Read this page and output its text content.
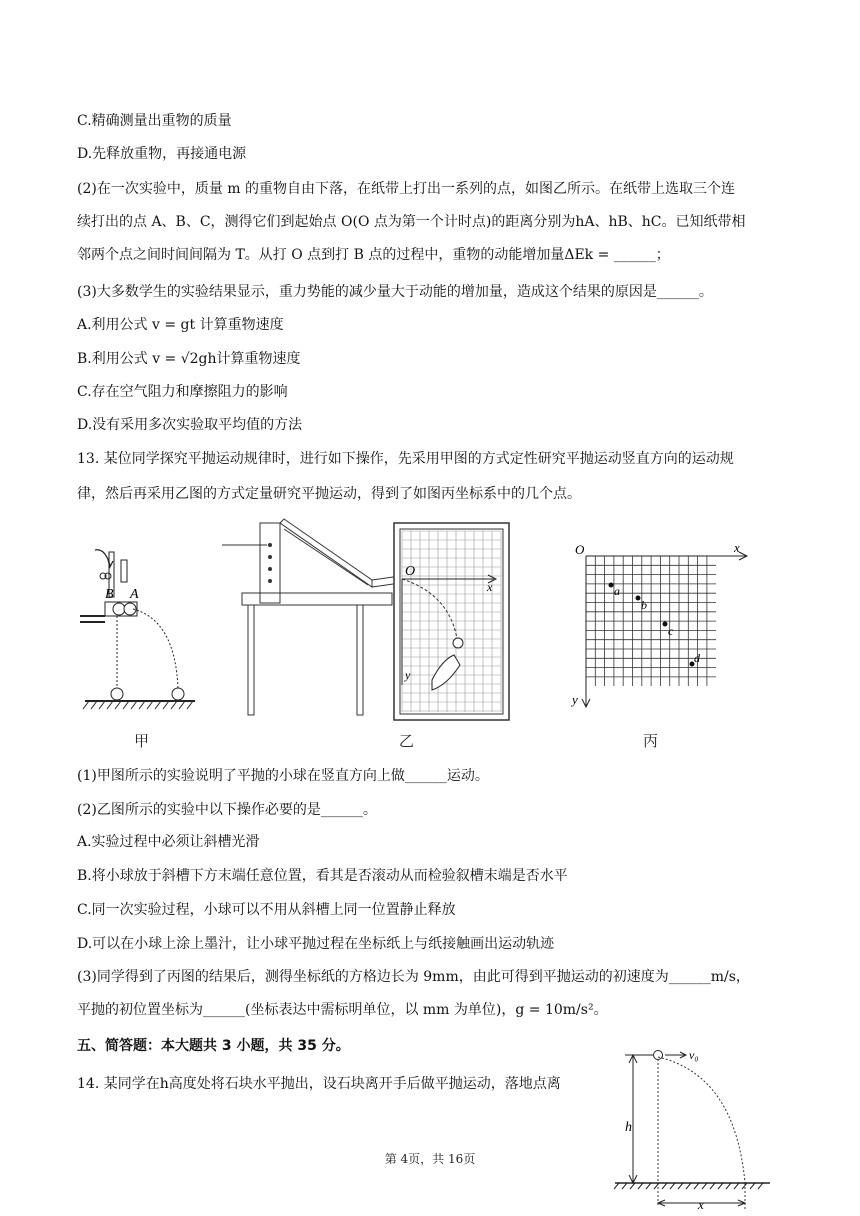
C.精确测量出重物的质量
D.先释放重物，再接通电源
(2)在一次实验中，质量 m 的重物自由下落，在纸带上打出一系列的点，如图乙所示。在纸带上选取三个连
续打出的点 A、B、C，测得它们到起始点 O(O 点为第一个计时点)的距离分别为hA、hB、hC。已知纸带相
邻两个点之间时间间隔为 T。从打 O 点到打 B 点的过程中，重物的动能增加量ΔEk = ______；
(3)大多数学生的实验结果显示，重力势能的减少量大于动能的增加量，造成这个结果的原因是______。
A.利用公式 v = gt 计算重物速度
B.利用公式 v = √2gh计算重物速度
C.存在空气阻力和摩擦阻力的影响
D.没有采用多次实验取平均值的方法
13. 某位同学探究平抛运动规律时，进行如下操作，先采用甲图的方式定性研究平抛运动竖直方向的运动规
律，然后再采用乙图的方式定量研究平抛运动，得到了如图丙坐标系中的几个点。
B A
甲
O
x
y
乙
O	x
y
a
b
c
d
丙
(1)甲图所示的实验说明了平抛的小球在竖直方向上做______运动。
(2)乙图所示的实验中以下操作必要的是______。
A.实验过程中必须让斜槽光滑
B.将小球放于斜槽下方末端任意位置，看其是否滚动从而检验叙槽末端是否水平
C.同一次实验过程，小球可以不用从斜槽上同一位置静止释放
D.可以在小球上涂上墨汁，让小球平抛过程在坐标纸上与纸接触画出运动轨迹
(3)同学得到了丙图的结果后，测得坐标纸的方格边长为 9mm，由此可得到平抛运动的初速度为______m/s，
平抛的初位置坐标为______(坐标表达中需标明单位，以 mm 为单位)，g = 10m/s²。
五、简答题：本大题共 3 小题，共 35 分。
14. 某同学在h高度处将石块水平抛出，设石块离开手后做平抛运动，落地点离
v₀
h
x
第 4页，共 16页
